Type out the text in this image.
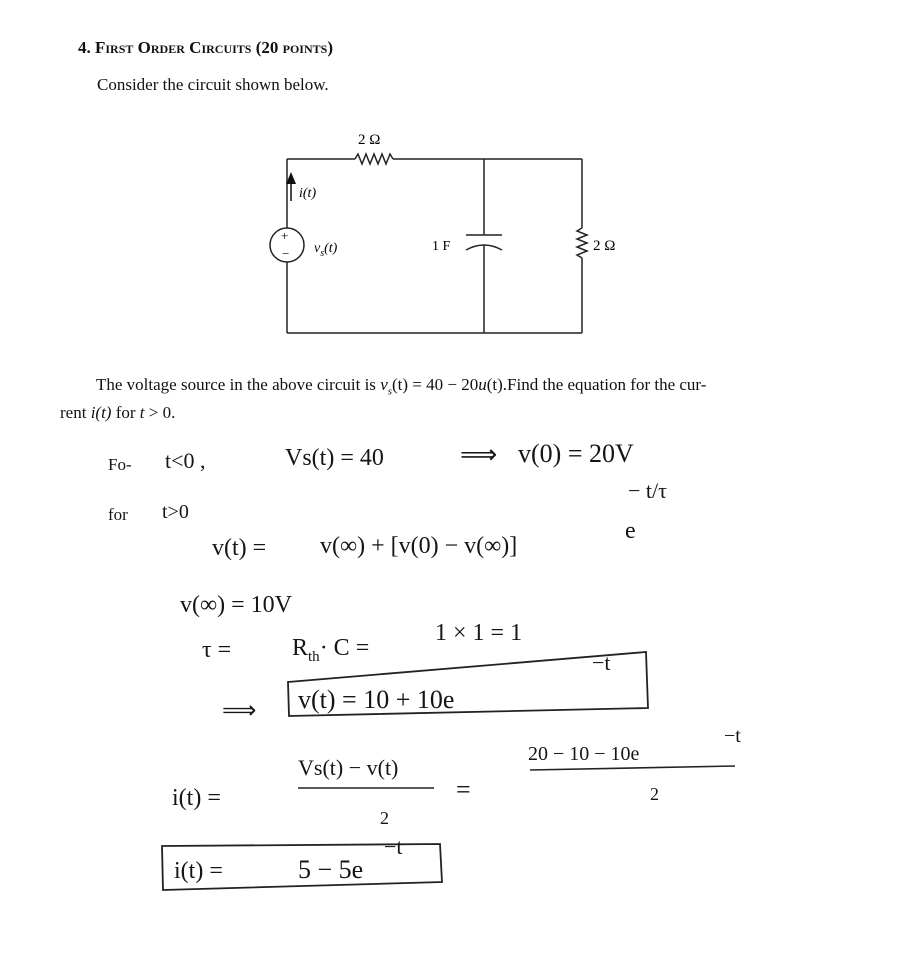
4. First Order Circuits (20 points)
Consider the circuit shown below.
2 Ω
i(t)
+
− $v_s(t)$	1 F	2 Ω
The voltage source in the above circuit is $v_s(t) = 40$ − 20u(t).Find the equation for the cur-
rent i(t) for t > 0.
Fo- t<0 ,	Vs(t) = 40	⟹ v(0) = 20V
for t>0
v(t) = v(∞) + [v(0) − v(∞)]
e
− t/τ
v(∞) = 10V
τ =	$R_{th}\cdot C$ =
1 × 1 = 1
⟹ v(t) = 10 + 10e
−t
i(t) =
Vs(t) − v(t)
2
=
20 − 10 − 10e
−t
2
i(t) =	5 − 5e
−t
